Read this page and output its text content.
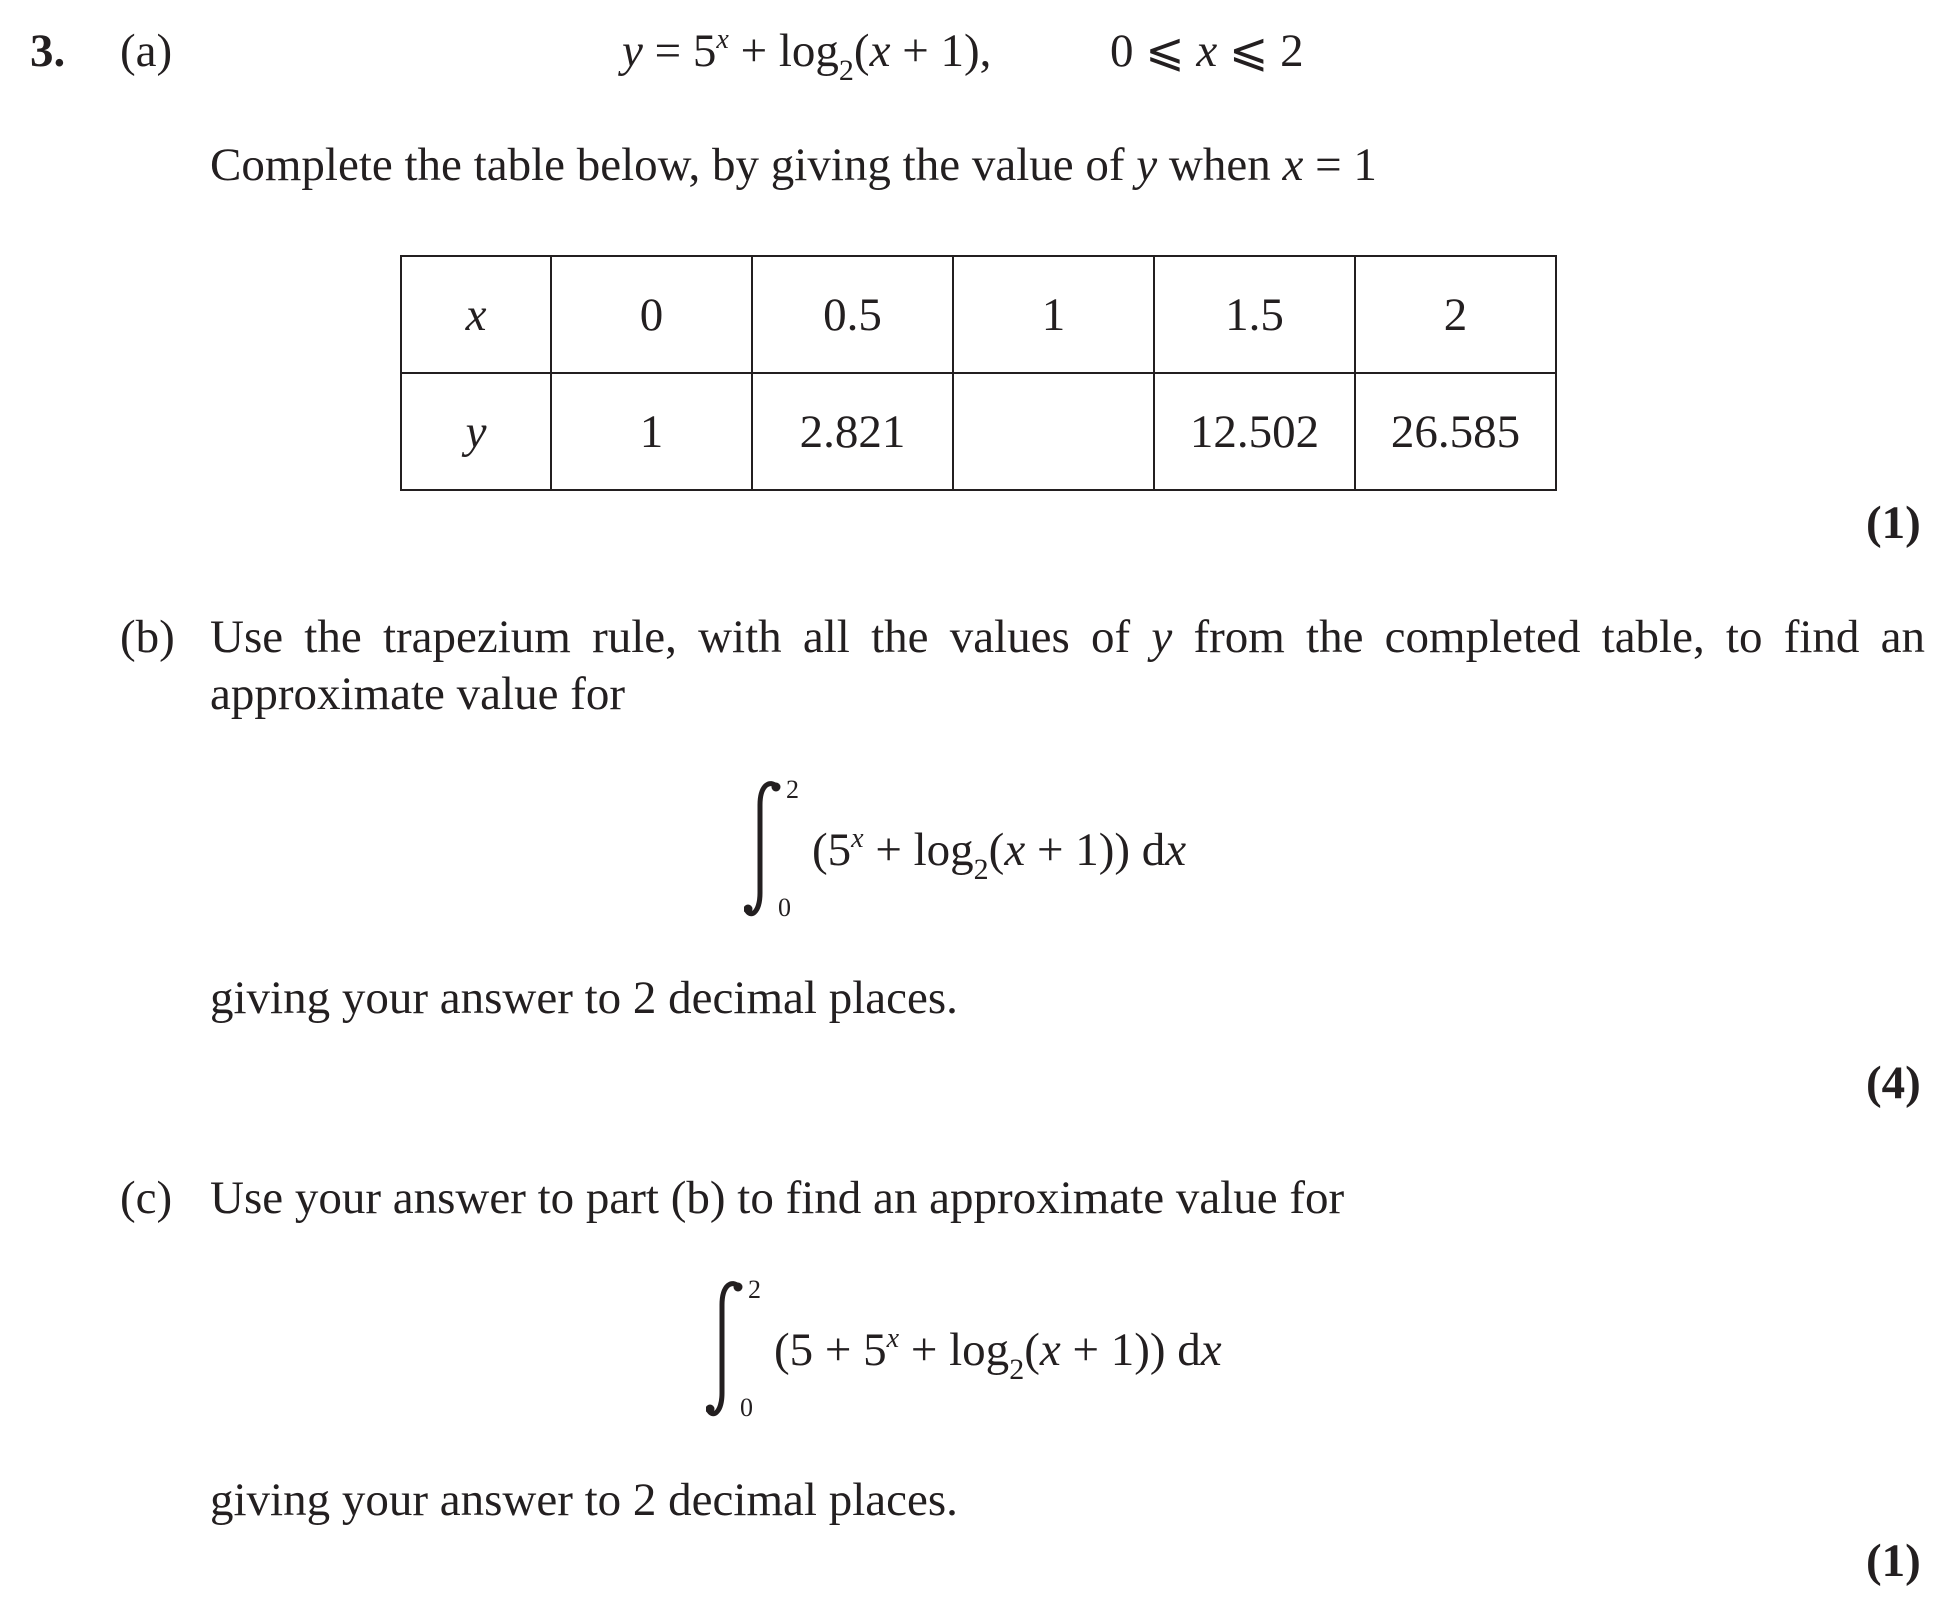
3. (a)	$y = 5^x + \log_2(x + 1)$,	0 ⩽ x ⩽ 2
Complete the table below, by giving the value of y when x = 1
x	0	0.5	1	1.5	2
y	1	2.821		12.502	26.585
(1)
(b) Use the trapezium rule, with all the values of y from the completed table, to find an
approximate value for
2
0
$(5^x + \log_2(x + 1))$ dx
giving your answer to 2 decimal places.
(4)
(c) Use your answer to part (b) to find an approximate value for
2
0
$(5 + 5^x + \log_2(x + 1))$ dx
giving your answer to 2 decimal places.
(1)
